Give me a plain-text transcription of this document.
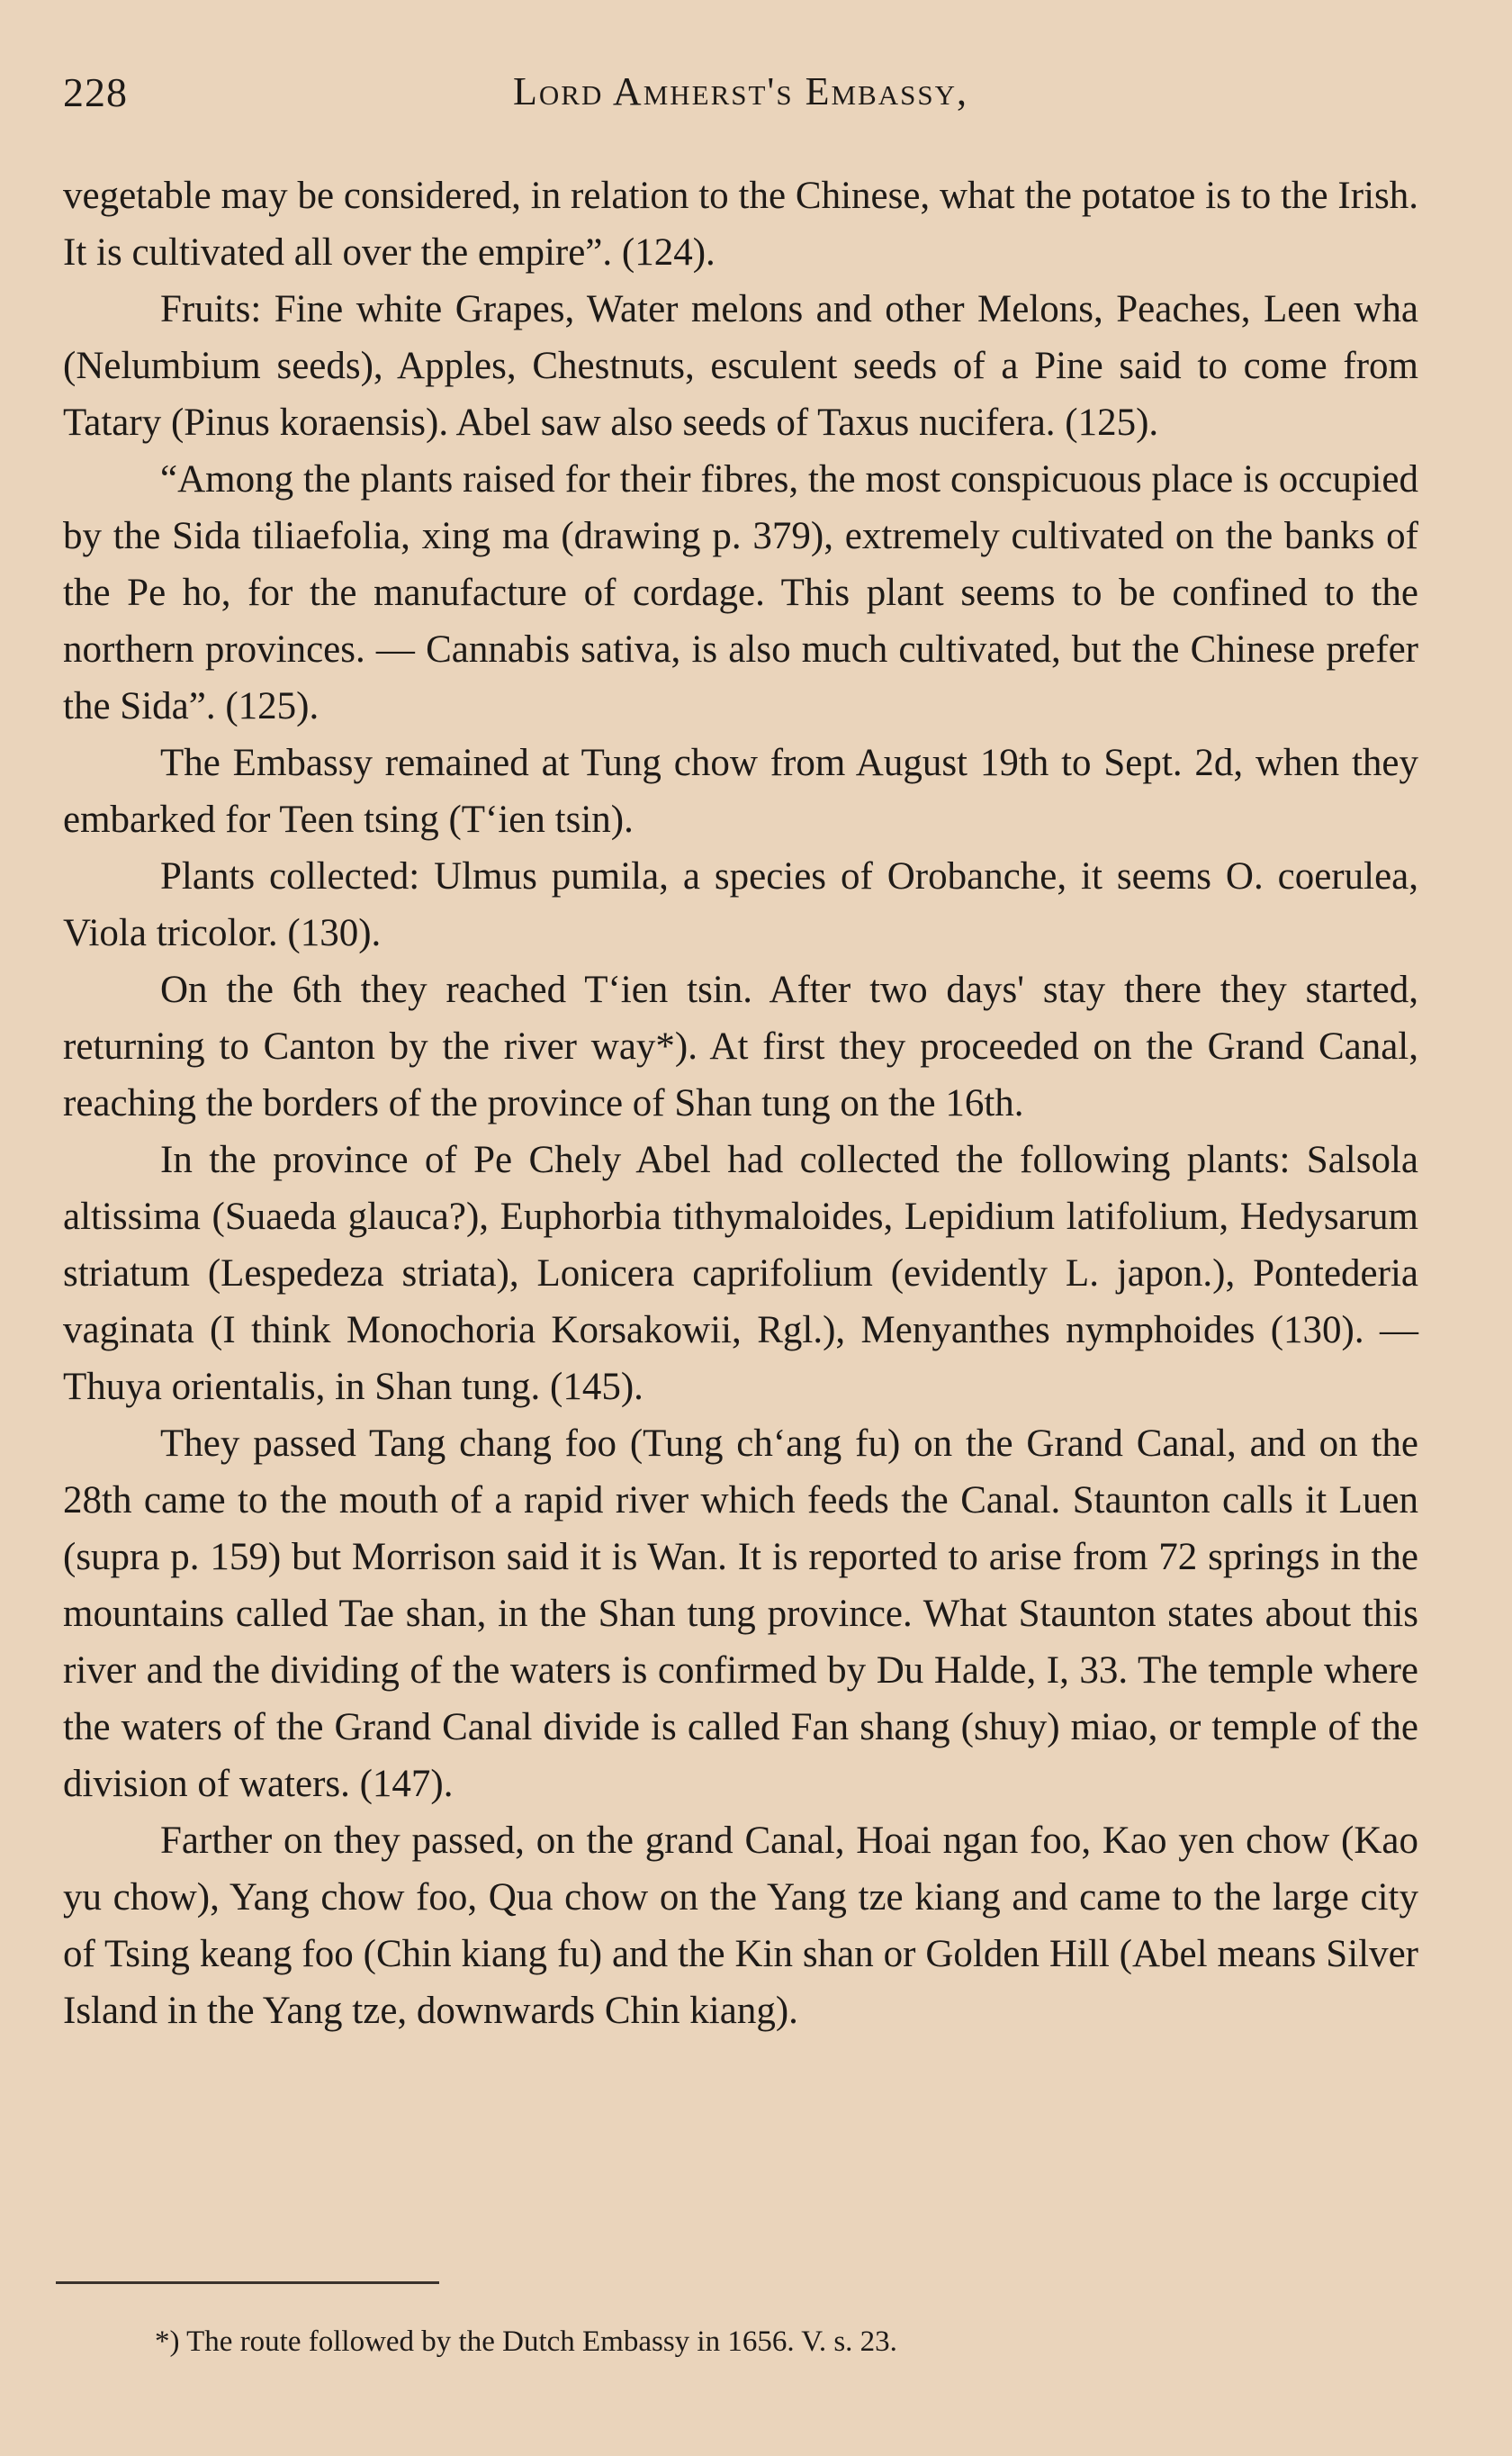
228	Lord Amherst's Embassy,

vegetable may be considered, in relation to the Chinese, what the potatoe is to the Irish. It is cultivated all over the empire”. (124).

Fruits: Fine white Grapes, Water melons and other Melons, Peaches, Leen wha (Nelumbium seeds), Apples, Chestnuts, esculent seeds of a Pine said to come from Tatary (Pinus koraensis). Abel saw also seeds of Taxus nucifera. (125).

“Among the plants raised for their fibres, the most conspicuous place is occupied by the Sida tiliaefolia, xing ma (drawing p. 379), extremely cultivated on the banks of the Pe ho, for the manufacture of cordage. This plant seems to be confined to the northern provinces. — Cannabis sativa, is also much cultivated, but the Chinese prefer the Sida”. (125).

The Embassy remained at Tung chow from August 19th to Sept. 2d, when they embarked for Teen tsing (Tʻien tsin).

Plants collected: Ulmus pumila, a species of Orobanche, it seems O. coerulea, Viola tricolor. (130).

On the 6th they reached Tʻien tsin. After two days' stay there they started, returning to Canton by the river way*). At first they proceeded on the Grand Canal, reaching the borders of the province of Shan tung on the 16th.

In the province of Pe Chely Abel had collected the following plants: Salsola altissima (Suaeda glauca?), Euphorbia tithymaloides, Lepidium latifolium, Hedysarum striatum (Lespedeza striata), Lonicera caprifolium (evidently L. japon.), Pontederia vaginata (I think Monochoria Korsakowii, Rgl.), Menyanthes nymphoides (130). — Thuya orientalis, in Shan tung. (145).

They passed Tang chang foo (Tung chʻang fu) on the Grand Canal, and on the 28th came to the mouth of a rapid river which feeds the Canal. Staunton calls it Luen (supra p. 159) but Morrison said it is Wan. It is reported to arise from 72 springs in the mountains called Tae shan, in the Shan tung province. What Staunton states about this river and the dividing of the waters is confirmed by Du Halde, I, 33. The temple where the waters of the Grand Canal divide is called Fan shang (shuy) miao, or temple of the division of waters. (147).

Farther on they passed, on the grand Canal, Hoai ngan foo, Kao yen chow (Kao yu chow), Yang chow foo, Qua chow on the Yang tze kiang and came to the large city of Tsing keang foo (Chin kiang fu) and the Kin shan or Golden Hill (Abel means Silver Island in the Yang tze, downwards Chin kiang).

*) The route followed by the Dutch Embassy in 1656. V. s. 23.
